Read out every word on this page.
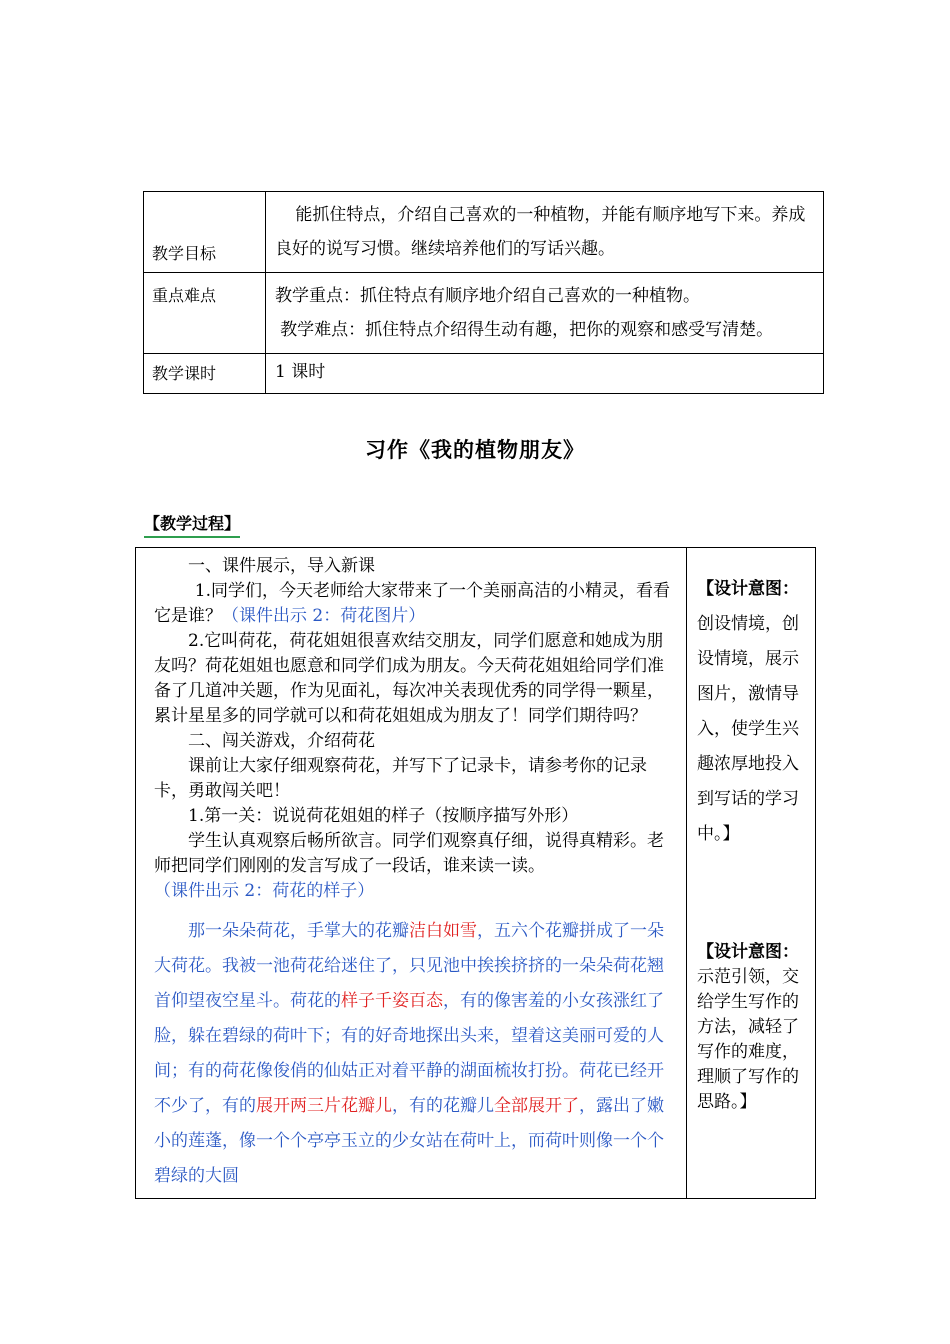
教学目标	能抓住特点，介绍自己喜欢的一种植物，并能有顺序地写下来。养成良好的说写习惯。继续培养他们的写话兴趣。

重点难点	教学重点：抓住特点有顺序地介绍自己喜欢的一种植物。
教学难点：抓住特点介绍得生动有趣，把你的观察和感受写清楚。

教学课时	1 课时
习作《我的植物朋友》
【教学过程】

一、课件展示，导入新课

1.同学们，今天老师给大家带来了一个美丽高洁的小精灵，看看它是谁？（课件出示 2：荷花图片）

2.它叫荷花，荷花姐姐很喜欢结交朋友，同学们愿意和她成为朋友吗？荷花姐姐也愿意和同学们成为朋友。今天荷花姐姐给同学们准备了几道冲关题，作为见面礼，每次冲关表现优秀的同学得一颗星，累计星星多的同学就可以和荷花姐姐成为朋友了！同学们期待吗？

二、闯关游戏，介绍荷花

课前让大家仔细观察荷花，并写下了记录卡，请参考你的记录卡，勇敢闯关吧！

1.第一关：说说荷花姐姐的样子（按顺序描写外形）

学生认真观察后畅所欲言。同学们观察真仔细，说得真精彩。老师把同学们刚刚的发言写成了一段话，谁来读一读。

（课件出示 2：荷花的样子）

那一朵朵荷花，手掌大的花瓣洁白如雪，五六个花瓣拼成了一朵大荷花。我被一池荷花给迷住了，只见池中挨挨挤挤的一朵朵荷花翘首仰望夜空星斗。荷花的样子千姿百态，有的像害羞的小女孩涨红了脸，躲在碧绿的荷叶下；有的好奇地探出头来，望着这美丽可爱的人间；有的荷花像俊俏的仙姑正对着平静的湖面梳妆打扮。荷花已经开不少了，有的展开两三片花瓣儿，有的花瓣儿全部展开了，露出了嫩小的莲蓬，像一个个亭亭玉立的少女站在荷叶上，而荷叶则像一个个碧绿的大圆

【设计意图：
创设情境，创设情境，展示图片，激情导入，使学生兴趣浓厚地投入到写话的学习中。】

【设计意图：
示范引领，交给学生写作的方法，减轻了写作的难度，理顺了写作的思路。】
